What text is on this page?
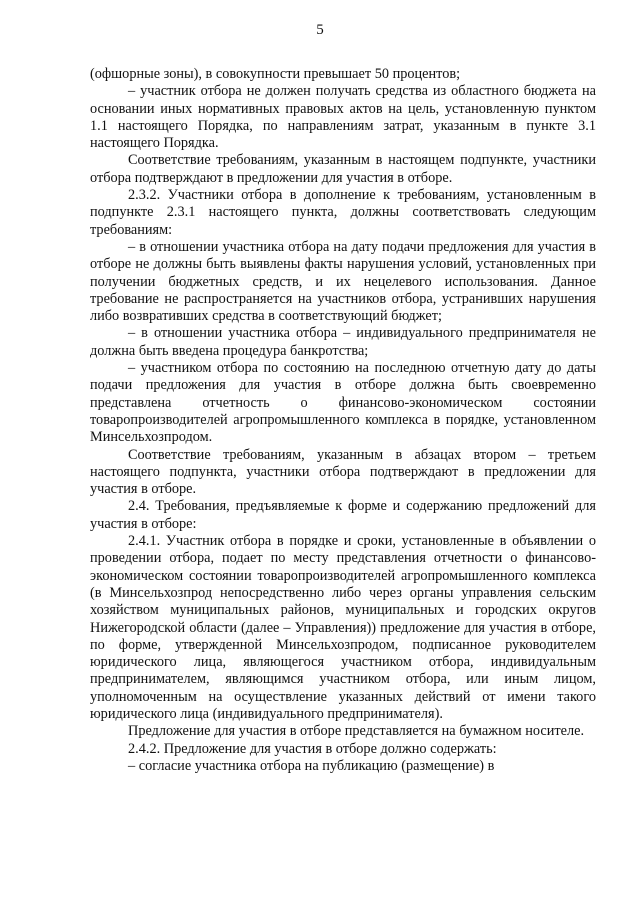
5

(офшорные зоны), в совокупности превышает 50 процентов;

– участник отбора не должен получать средства из областного бюджета на основании иных нормативных правовых актов на цель, установленную пунктом 1.1 настоящего Порядка, по направлениям затрат, указанным в пункте 3.1 настоящего Порядка.

Соответствие требованиям, указанным в настоящем подпункте, участники отбора подтверждают в предложении для участия в отборе.

2.3.2. Участники отбора в дополнение к требованиям, установленным в подпункте 2.3.1 настоящего пункта, должны соответствовать следующим требованиям:

– в отношении участника отбора на дату подачи предложения для участия в отборе не должны быть выявлены факты нарушения условий, установленных при получении бюджетных средств, и их нецелевого использования. Данное требование не распространяется на участников отбора, устранивших нарушения либо возвративших средства в соответствующий бюджет;

– в отношении участника отбора – индивидуального предпринимателя не должна быть введена процедура банкротства;

– участником отбора по состоянию на последнюю отчетную дату до даты подачи предложения для участия в отборе должна быть своевременно представлена отчетность о финансово-экономическом состоянии товаропроизводителей агропромышленного комплекса в порядке, установленном Минсельхозпродом.

Соответствие требованиям, указанным в абзацах втором – третьем настоящего подпункта, участники отбора подтверждают в предложении для участия в отборе.

2.4. Требования, предъявляемые к форме и содержанию предложений для участия в отборе:

2.4.1. Участник отбора в порядке и сроки, установленные в объявлении о проведении отбора, подает по месту представления отчетности о финансово-экономическом состоянии товаропроизводителей агропромышленного комплекса (в Минсельхозпрод непосредственно либо через органы управления сельским хозяйством муниципальных районов, муниципальных и городских округов Нижегородской области (далее – Управления)) предложение для участия в отборе, по форме, утвержденной Минсельхозпродом, подписанное руководителем юридического лица, являющегося участником отбора, индивидуальным предпринимателем, являющимся участником отбора, или иным лицом, уполномоченным на осуществление указанных действий от имени такого юридического лица (индивидуального предпринимателя).

Предложение для участия в отборе представляется на бумажном носителе.

2.4.2. Предложение для участия в отборе должно содержать:

– согласие участника отбора на публикацию (размещение) в
